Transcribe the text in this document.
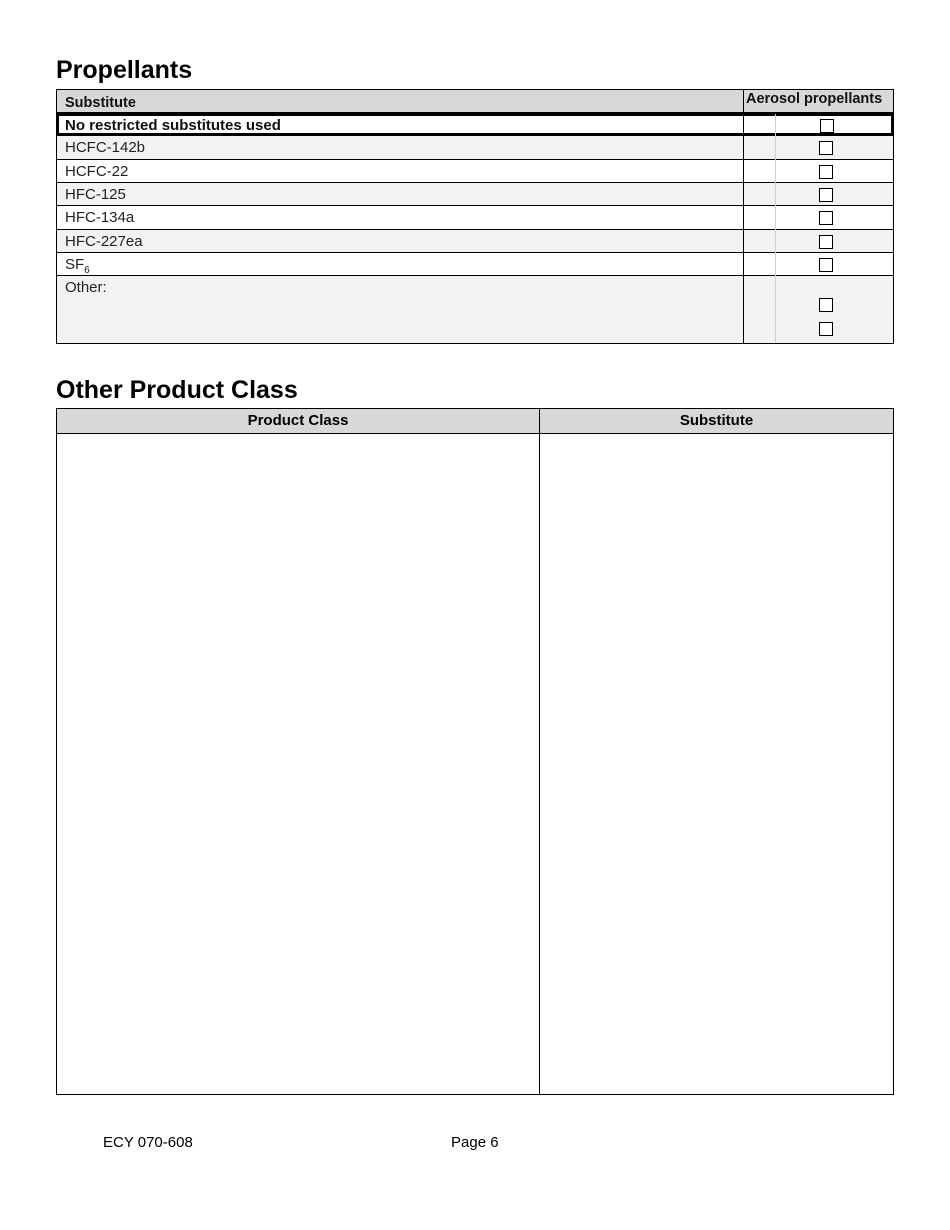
Propellants
Substitute	Aerosol propellants
No restricted substitutes used
HCFC-142b
HCFC-22
HFC-125
HFC-134a
HFC-227ea
$SF_6$
Other:
Other Product Class
Product Class	Substitute
ECY 070-608	Page 6
